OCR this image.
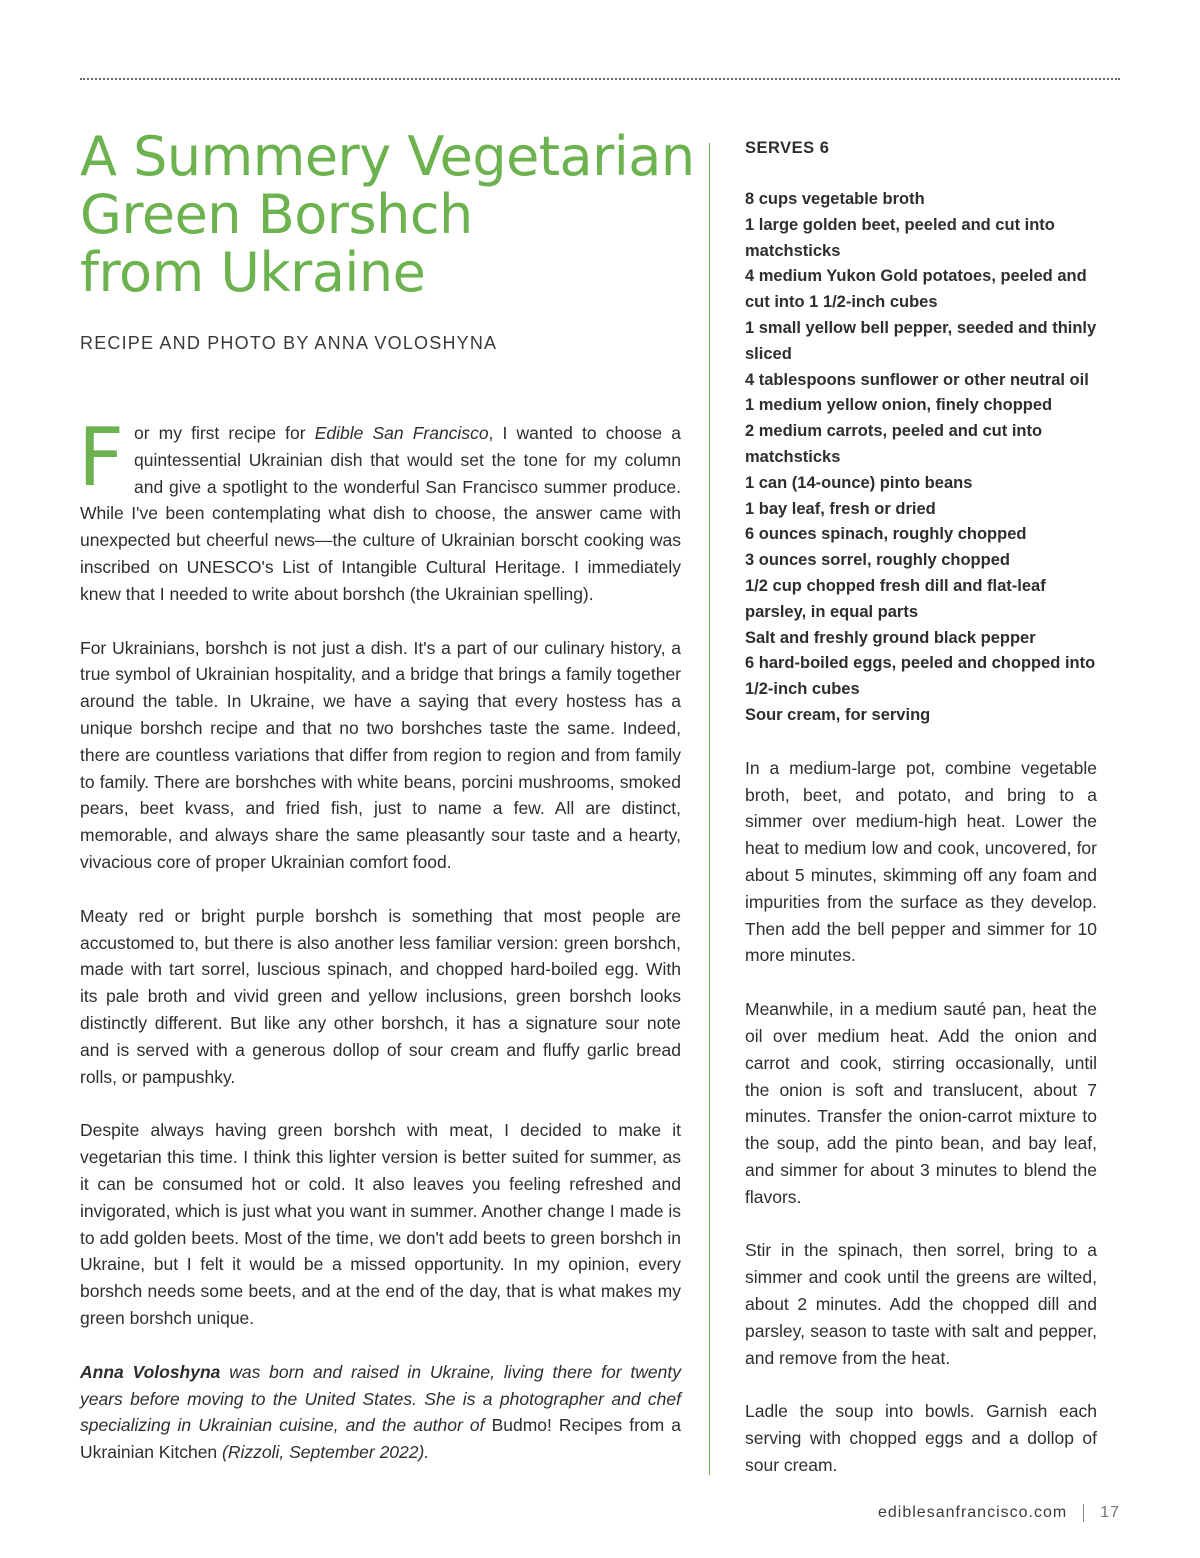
A Summery Vegetarian
Green Borshch
from Ukraine

RECIPE AND PHOTO BY ANNA VOLOSHYNA

For my first recipe for Edible San Francisco, I wanted to choose a quintessential Ukrainian dish that would set the tone for my column and give a spotlight to the wonderful San Francisco summer produce. While I've been contemplating what dish to choose, the answer came with unexpected but cheerful news—the culture of Ukrainian borscht cooking was inscribed on UNESCO's List of Intangible Cultural Heritage. I immediately knew that I needed to write about borshch (the Ukrainian spelling).

For Ukrainians, borshch is not just a dish. It's a part of our culinary history, a true symbol of Ukrainian hospitality, and a bridge that brings a family together around the table. In Ukraine, we have a saying that every hostess has a unique borshch recipe and that no two borshches taste the same. Indeed, there are countless variations that differ from region to region and from family to family. There are borshches with white beans, porcini mushrooms, smoked pears, beet kvass, and fried fish, just to name a few. All are distinct, memorable, and always share the same pleasantly sour taste and a hearty, vivacious core of proper Ukrainian comfort food.

Meaty red or bright purple borshch is something that most people are accustomed to, but there is also another less familiar version: green borshch, made with tart sorrel, luscious spinach, and chopped hard-boiled egg. With its pale broth and vivid green and yellow inclusions, green borshch looks distinctly different. But like any other borshch, it has a signature sour note and is served with a generous dollop of sour cream and fluffy garlic bread rolls, or pampushky.

Despite always having green borshch with meat, I decided to make it vegetarian this time. I think this lighter version is better suited for summer, as it can be consumed hot or cold. It also leaves you feeling refreshed and invigorated, which is just what you want in summer. Another change I made is to add golden beets. Most of the time, we don't add beets to green borshch in Ukraine, but I felt it would be a missed opportunity. In my opinion, every borshch needs some beets, and at the end of the day, that is what makes my green borshch unique.

Anna Voloshyna was born and raised in Ukraine, living there for twenty years before moving to the United States. She is a photographer and chef specializing in Ukrainian cuisine, and the author of Budmo! Recipes from a Ukrainian Kitchen (Rizzoli, September 2022).

SERVES 6

8 cups vegetable broth
1 large golden beet, peeled and cut into matchsticks
4 medium Yukon Gold potatoes, peeled and cut into 1 1/2-inch cubes
1 small yellow bell pepper, seeded and thinly sliced
4 tablespoons sunflower or other neutral oil
1 medium yellow onion, finely chopped
2 medium carrots, peeled and cut into matchsticks
1 can (14-ounce) pinto beans
1 bay leaf, fresh or dried
6 ounces spinach, roughly chopped
3 ounces sorrel, roughly chopped
1/2 cup chopped fresh dill and flat-leaf parsley, in equal parts
Salt and freshly ground black pepper
6 hard-boiled eggs, peeled and chopped into 1/2-inch cubes
Sour cream, for serving

In a medium-large pot, combine vegetable broth, beet, and potato, and bring to a simmer over medium-high heat. Lower the heat to medium low and cook, uncovered, for about 5 minutes, skimming off any foam and impurities from the surface as they develop. Then add the bell pepper and simmer for 10 more minutes.

Meanwhile, in a medium sauté pan, heat the oil over medium heat. Add the onion and carrot and cook, stirring occasionally, until the onion is soft and translucent, about 7 minutes. Transfer the onion-carrot mixture to the soup, add the pinto bean, and bay leaf, and simmer for about 3 minutes to blend the flavors.

Stir in the spinach, then sorrel, bring to a simmer and cook until the greens are wilted, about 2 minutes. Add the chopped dill and parsley, season to taste with salt and pepper, and remove from the heat.

Ladle the soup into bowls. Garnish each serving with chopped eggs and a dollop of sour cream.

ediblesanfrancisco.com 17
